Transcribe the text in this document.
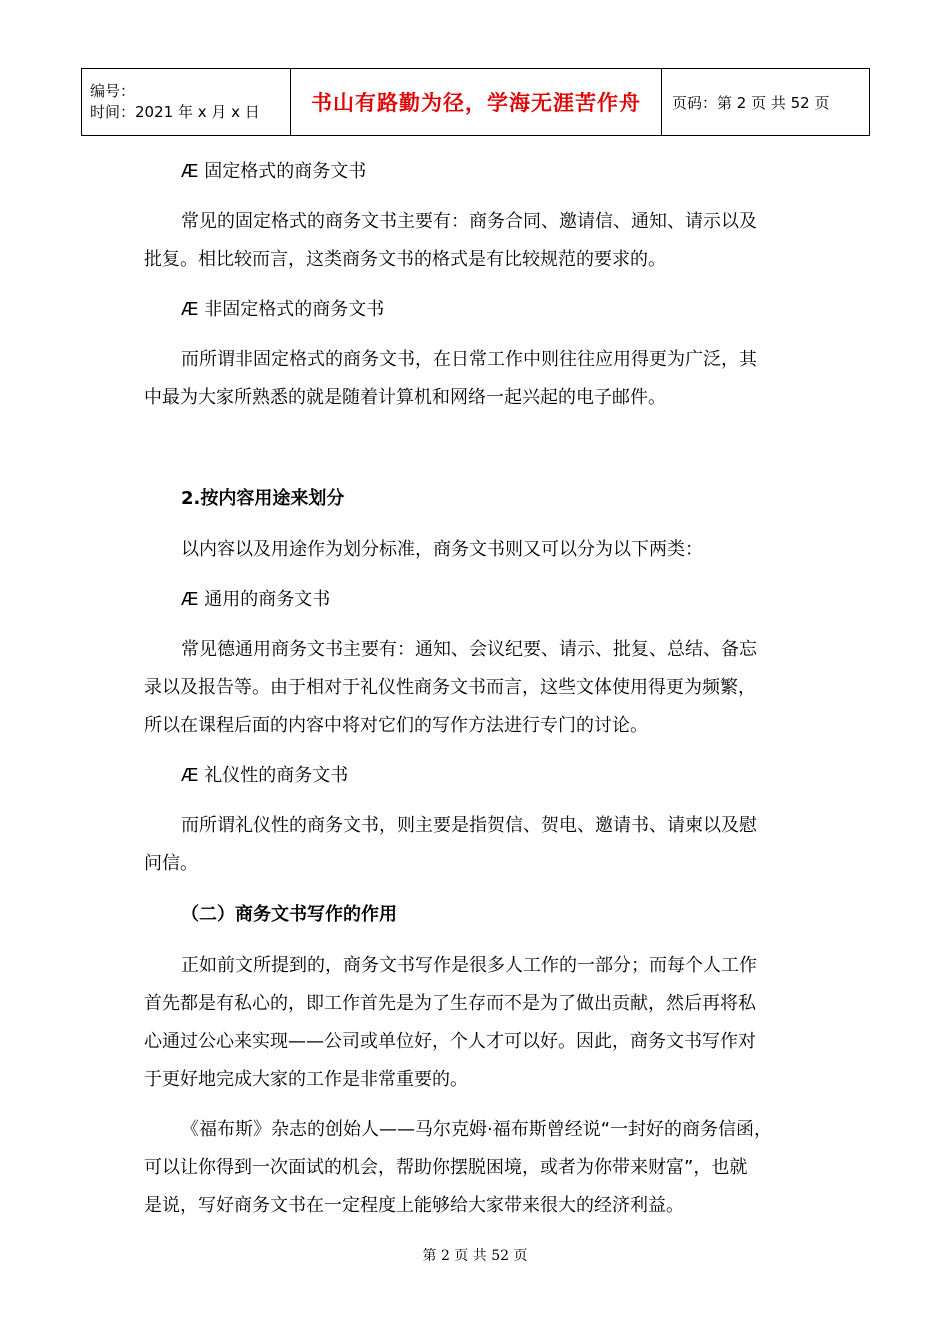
编号：
时间：2021 年 x 月 x 日	书山有路勤为径，学海无涯苦作舟	页码：第 2 页 共 52 页
Æ 固定格式的商务文书
常见的固定格式的商务文书主要有：商务合同、邀请信、通知、请示以及
批复。相比较而言，这类商务文书的格式是有比较规范的要求的。
Æ 非固定格式的商务文书
而所谓非固定格式的商务文书，在日常工作中则往往应用得更为广泛，其
中最为大家所熟悉的就是随着计算机和网络一起兴起的电子邮件。
2.按内容用途来划分
以内容以及用途作为划分标准，商务文书则又可以分为以下两类：
Æ 通用的商务文书
常见德通用商务文书主要有：通知、会议纪要、请示、批复、总结、备忘
录以及报告等。由于相对于礼仪性商务文书而言，这些文体使用得更为频繁，
所以在课程后面的内容中将对它们的写作方法进行专门的讨论。
Æ 礼仪性的商务文书
而所谓礼仪性的商务文书，则主要是指贺信、贺电、邀请书、请柬以及慰
问信。
（二）商务文书写作的作用
正如前文所提到的，商务文书写作是很多人工作的一部分；而每个人工作
首先都是有私心的，即工作首先是为了生存而不是为了做出贡献，然后再将私
心通过公心来实现——公司或单位好，个人才可以好。因此，商务文书写作对
于更好地完成大家的工作是非常重要的。
《福布斯》杂志的创始人——马尔克姆·福布斯曾经说“一封好的商务信函，
可以让你得到一次面试的机会，帮助你摆脱困境，或者为你带来财富”，也就
是说，写好商务文书在一定程度上能够给大家带来很大的经济利益。
第 2 页 共 52 页
